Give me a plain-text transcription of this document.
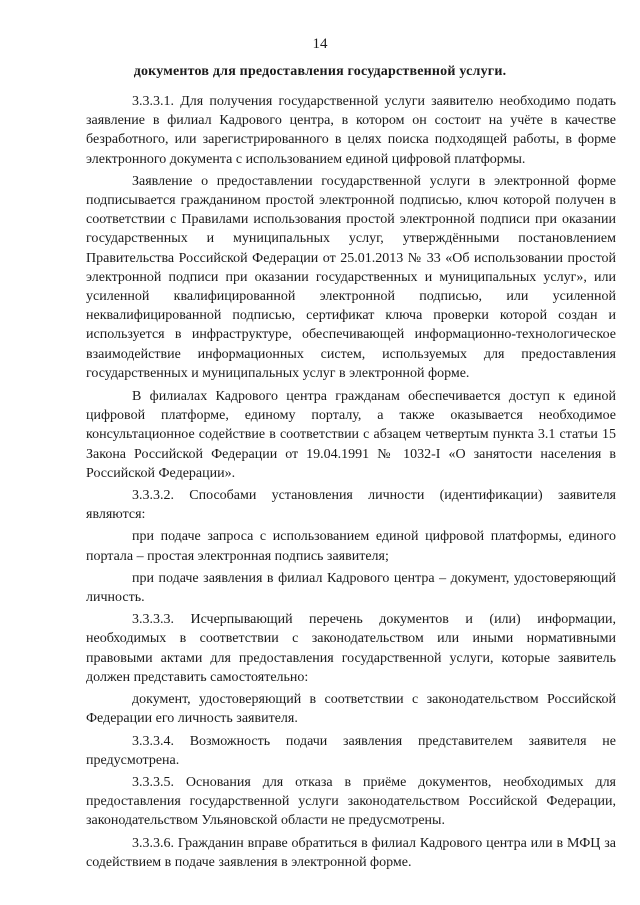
14
документов для предоставления государственной услуги.

3.3.3.1. Для получения государственной услуги заявителю необходимо подать заявление в филиал Кадрового центра, в котором он состоит на учёте в качестве безработного, или зарегистрированного в целях поиска подходящей работы, в форме электронного документа с использованием единой цифровой платформы.

Заявление о предоставлении государственной услуги в электронной форме подписывается гражданином простой электронной подписью, ключ которой получен в соответствии с Правилами использования простой электронной подписи при оказании государственных и муниципальных услуг, утверждёнными постановлением Правительства Российской Федерации от 25.01.2013 № 33 «Об использовании простой электронной подписи при оказании государственных и муниципальных услуг», или усиленной квалифицированной электронной подписью, или усиленной неквалифицированной подписью, сертификат ключа проверки которой создан и используется в инфраструктуре, обеспечивающей информационно-технологическое взаимодействие информационных систем, используемых для предоставления государственных и муниципальных услуг в электронной форме.

В филиалах Кадрового центра гражданам обеспечивается доступ к единой цифровой платформе, единому порталу, а также оказывается необходимое консультационное содействие в соответствии с абзацем четвертым пункта 3.1 статьи 15 Закона Российской Федерации от 19.04.1991 № 1032-I «О занятости населения в Российской Федерации».

3.3.3.2. Способами установления личности (идентификации) заявителя являются:

при подаче запроса с использованием единой цифровой платформы, единого портала – простая электронная подпись заявителя;

при подаче заявления в филиал Кадрового центра – документ, удостоверяющий личность.

3.3.3.3. Исчерпывающий перечень документов и (или) информации, необходимых в соответствии с законодательством или иными нормативными правовыми актами для предоставления государственной услуги, которые заявитель должен представить самостоятельно:

документ, удостоверяющий в соответствии с законодательством Российской Федерации его личность заявителя.

3.3.3.4. Возможность подачи заявления представителем заявителя не предусмотрена.

3.3.3.5. Основания для отказа в приёме документов, необходимых для предоставления государственной услуги законодательством Российской Федерации, законодательством Ульяновской области не предусмотрены.

3.3.3.6. Гражданин вправе обратиться в филиал Кадрового центра или в МФЦ за содействием в подаче заявления в электронной форме.
